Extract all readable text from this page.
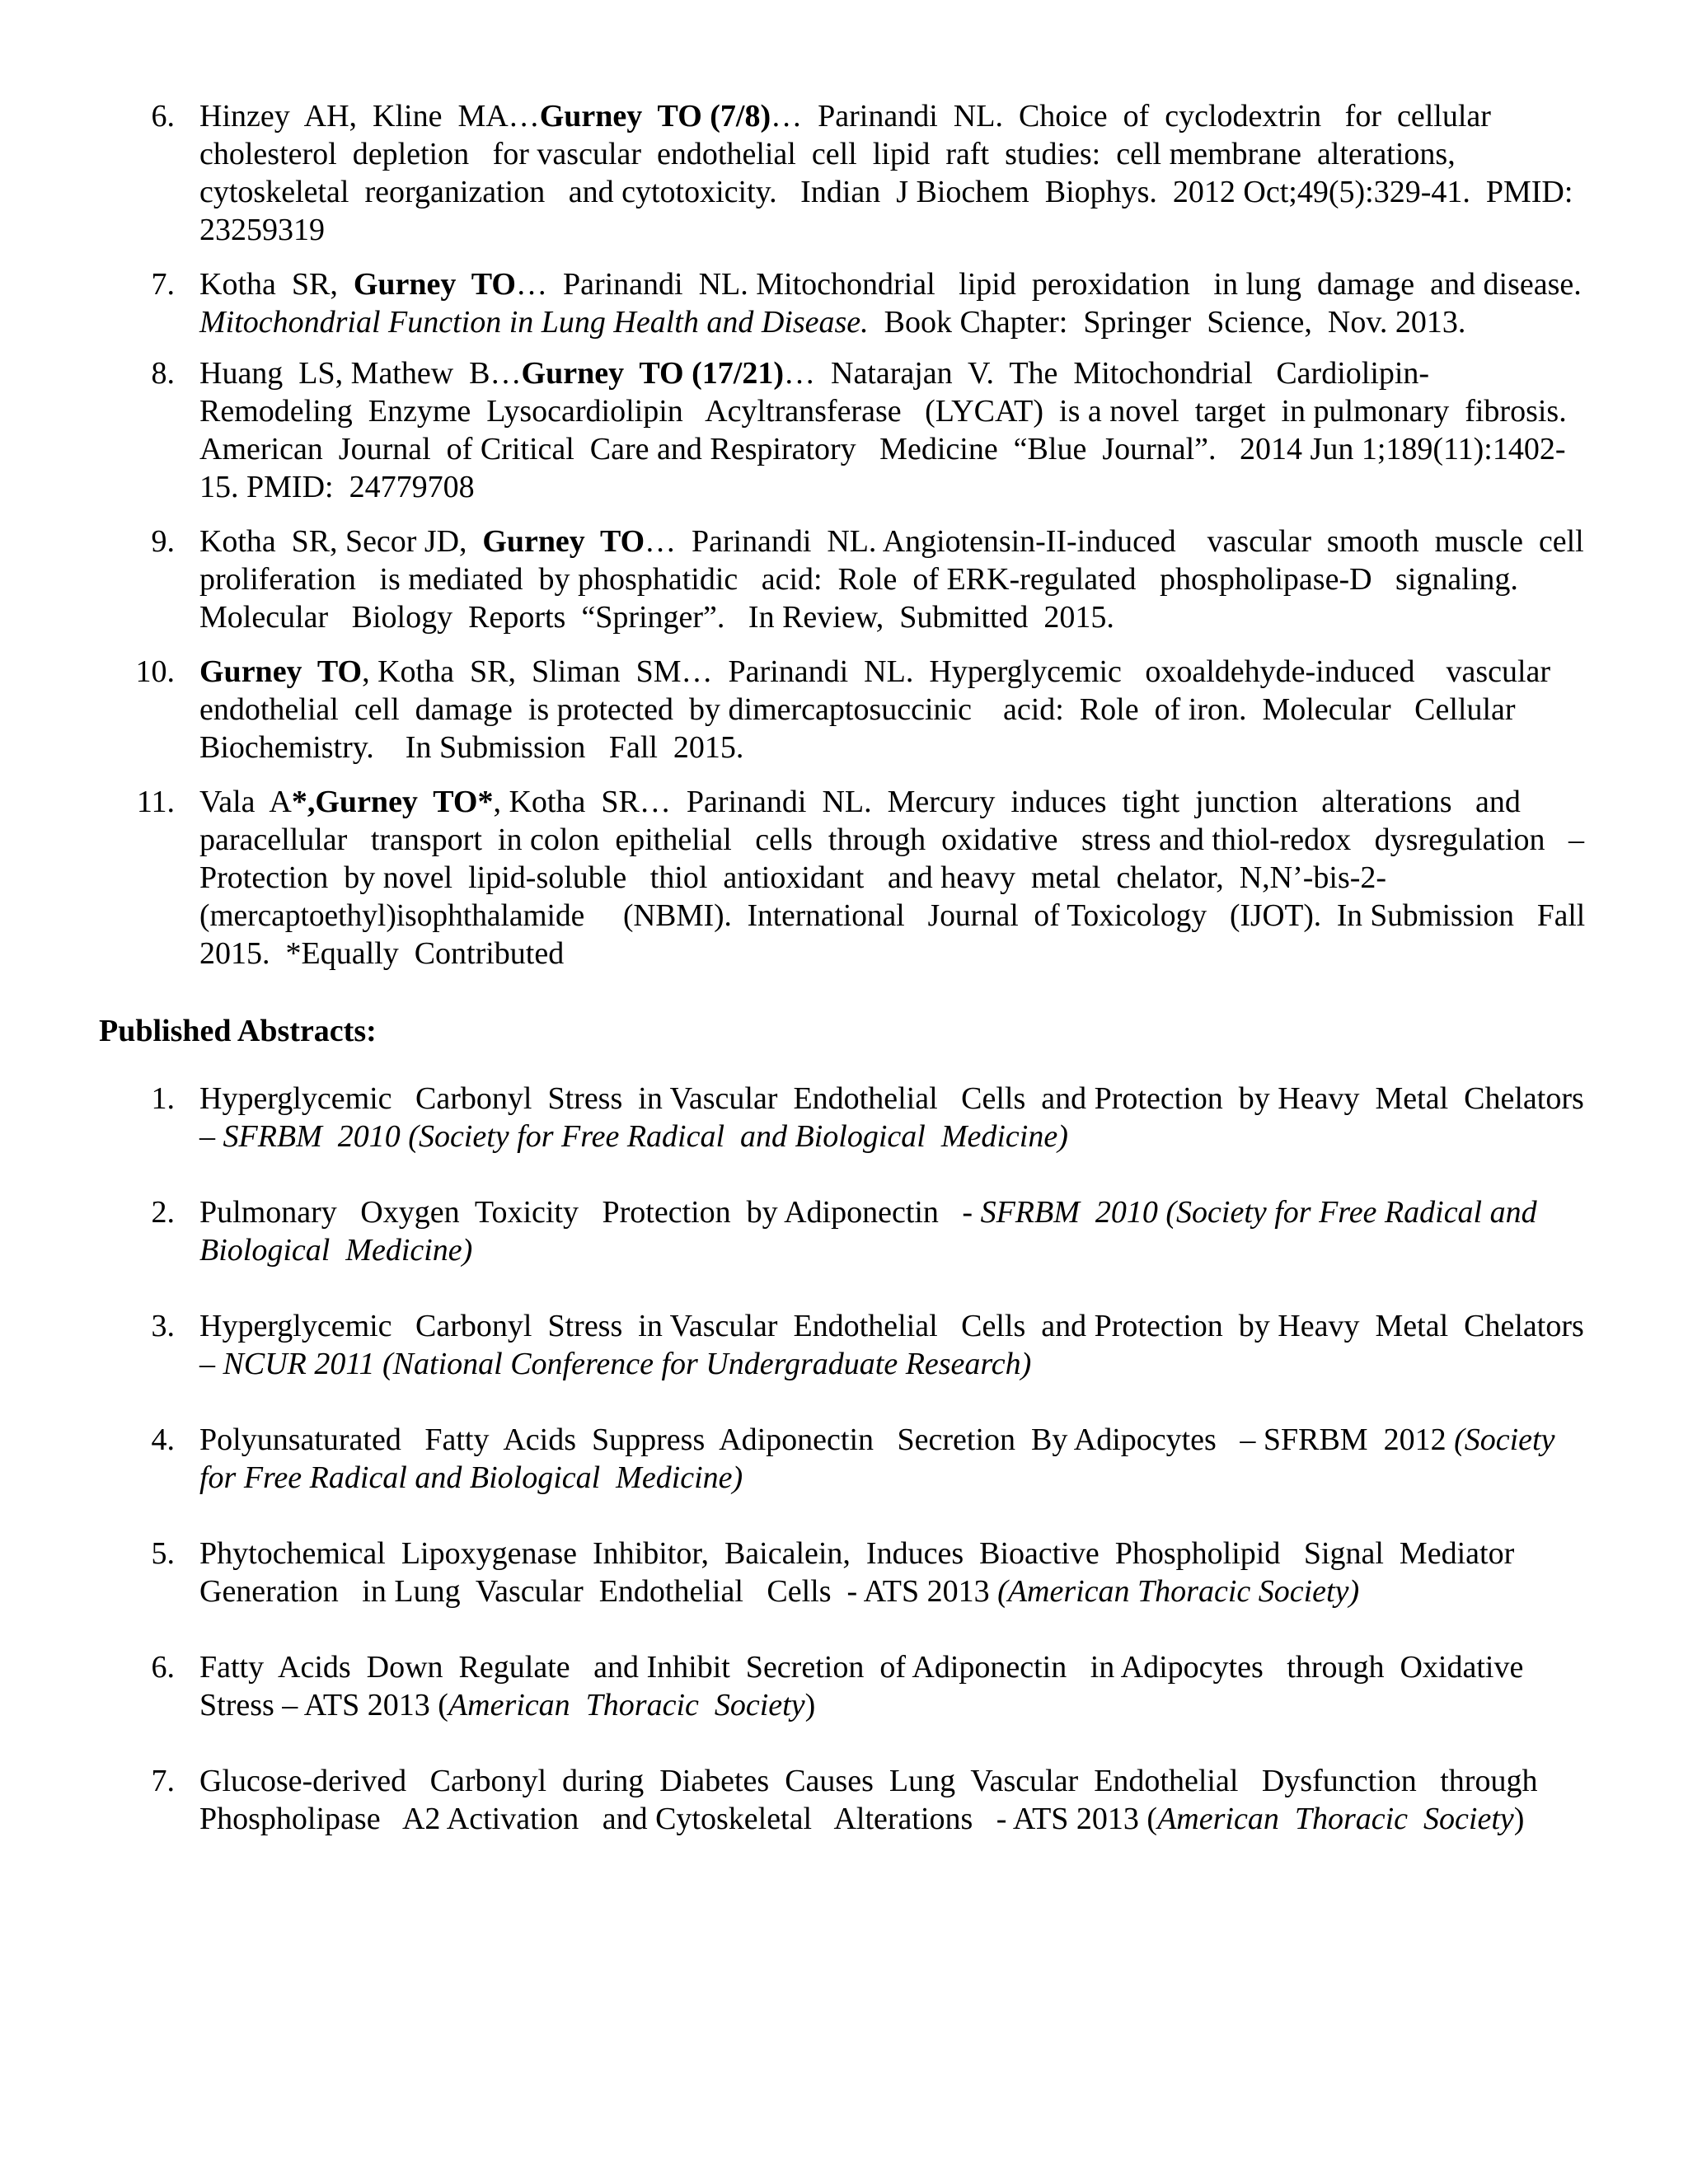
6. Hinzey  AH,  Kline  MA…Gurney  TO (7/8)…  Parinandi  NL.  Choice  of  cyclodextrin   for  cellular
cholesterol  depletion   for vascular  endothelial  cell  lipid  raft  studies:  cell membrane  alterations,
cytoskeletal  reorganization   and cytotoxicity.   Indian  J Biochem  Biophys.  2012 Oct;49(5):329-41.  PMID:
23259319
7. Kotha  SR,  Gurney  TO…  Parinandi  NL. Mitochondrial   lipid  peroxidation   in lung  damage  and disease.
Mitochondrial Function in Lung Health and Disease.  Book Chapter:  Springer  Science,  Nov. 2013.
8. Huang  LS, Mathew  B…Gurney  TO (17/21)…  Natarajan  V.  The  Mitochondrial   Cardiolipin-
Remodeling  Enzyme  Lysocardiolipin   Acyltransferase   (LYCAT)  is a novel  target  in pulmonary  fibrosis.
American  Journal  of Critical  Care and Respiratory   Medicine  “Blue  Journal”.   2014 Jun 1;189(11):1402-
15. PMID:  24779708
9. Kotha  SR, Secor JD,  Gurney  TO…  Parinandi  NL. Angiotensin-II-induced    vascular  smooth  muscle  cell
proliferation   is mediated  by phosphatidic   acid:  Role  of ERK-regulated   phospholipase-D   signaling.
Molecular   Biology  Reports  “Springer”.   In Review,  Submitted  2015.
10. Gurney  TO, Kotha  SR,  Sliman  SM…  Parinandi  NL.  Hyperglycemic   oxoaldehyde-induced    vascular
endothelial  cell  damage  is protected  by dimercaptosuccinic    acid:  Role  of iron.  Molecular   Cellular
Biochemistry.    In Submission   Fall  2015.
11. Vala  A*,Gurney  TO*, Kotha  SR…  Parinandi  NL.  Mercury  induces  tight  junction   alterations   and
paracellular   transport  in colon  epithelial   cells  through  oxidative   stress and thiol-redox   dysregulation   –
Protection  by novel  lipid-soluble   thiol  antioxidant   and heavy  metal  chelator,  N,N’-bis-2-
(mercaptoethyl)isophthalamide     (NBMI).  International   Journal  of Toxicology   (IJOT).  In Submission   Fall
2015.  *Equally  Contributed
Published Abstracts:
1. Hyperglycemic   Carbonyl  Stress  in Vascular  Endothelial   Cells  and Protection  by Heavy  Metal  Chelators
– SFRBM  2010 (Society for Free Radical  and Biological  Medicine)
2. Pulmonary   Oxygen  Toxicity   Protection  by Adiponectin   - SFRBM  2010 (Society for Free Radical and
Biological  Medicine)
3. Hyperglycemic   Carbonyl  Stress  in Vascular  Endothelial   Cells  and Protection  by Heavy  Metal  Chelators
– NCUR 2011 (National Conference for Undergraduate Research)
4. Polyunsaturated   Fatty  Acids  Suppress  Adiponectin   Secretion  By Adipocytes   – SFRBM  2012 (Society
for Free Radical and Biological  Medicine)
5. Phytochemical  Lipoxygenase  Inhibitor,  Baicalein,  Induces  Bioactive  Phospholipid   Signal  Mediator
Generation   in Lung  Vascular  Endothelial   Cells  - ATS 2013 (American Thoracic Society)
6. Fatty  Acids  Down  Regulate   and Inhibit  Secretion  of Adiponectin   in Adipocytes   through  Oxidative
Stress – ATS 2013 (American  Thoracic  Society)
7. Glucose-derived   Carbonyl  during  Diabetes  Causes  Lung  Vascular  Endothelial   Dysfunction   through
Phospholipase   A2 Activation   and Cytoskeletal   Alterations   - ATS 2013 (American  Thoracic  Society)
